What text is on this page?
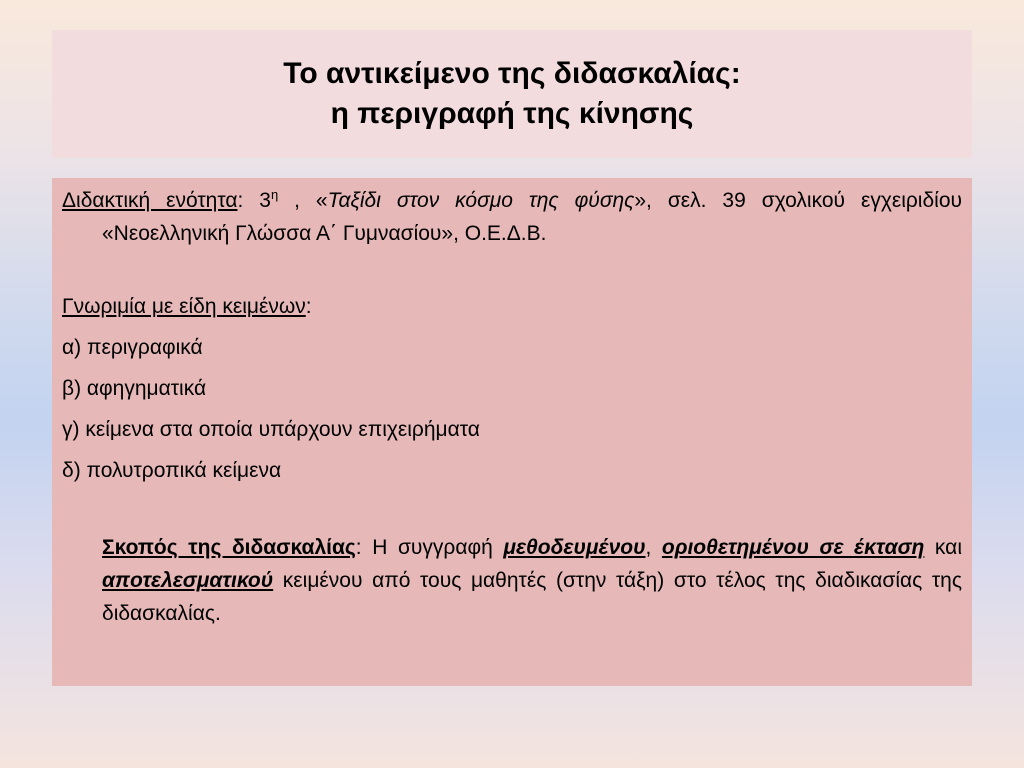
Το αντικείμενο της διδασκαλίας:
η περιγραφή της κίνησης

Διδακτική ενότητα: $3^\eta$ , «Ταξίδι στον κόσμο της φύσης», σελ. 39 σχολικού εγχειριδίου «Νεοελληνική Γλώσσα Α΄ Γυμνασίου», Ο.Ε.Δ.Β.

Γνωριμία με είδη κειμένων:

α) περιγραφικά

β) αφηγηματικά

γ) κείμενα στα οποία υπάρχουν επιχειρήματα

δ) πολυτροπικά κείμενα

Σκοπός της διδασκαλίας: Η συγγραφή μεθοδευμένου, οριοθετημένου σε έκταση και αποτελεσματικού κειμένου από τους μαθητές (στην τάξη) στο τέλος της διαδικασίας της διδασκαλίας.
